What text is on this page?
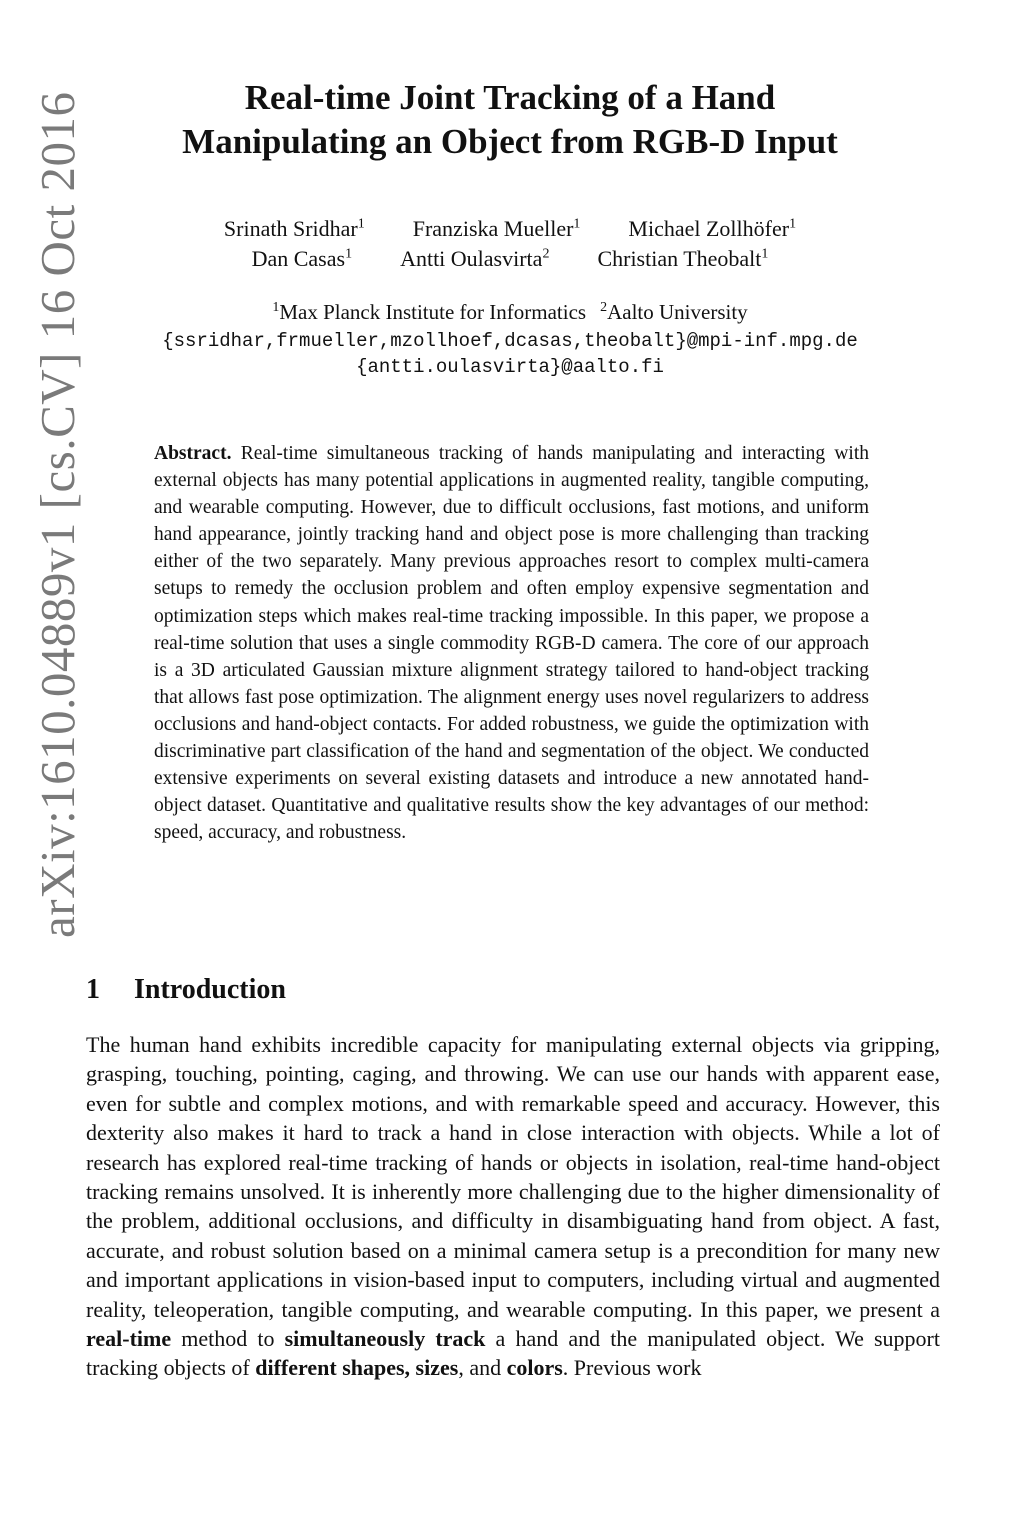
arXiv:1610.04889v1 [cs.CV] 16 Oct 2016	Real-time Joint Tracking of a Hand
Manipulating an Object from RGB-D Input
Srinath Sridhar$^1$ Franziska Mueller$^1$ Michael Zollhöfer$^1$
Dan Casas$^1$ Antti Oulasvirta$^2$ Christian Theobalt$^1$
$^1$Max Planck Institute for Informatics $^2$Aalto University
{ssridhar,frmueller,mzollhoef,dcasas,theobalt}@mpi-inf.mpg.de
{antti.oulasvirta}@aalto.fi

Abstract. Real-time simultaneous tracking of hands manipulating and interacting with external objects has many potential applications in augmented reality, tangible computing, and wearable computing. However, due to difficult occlusions, fast motions, and uniform hand appearance, jointly tracking hand and object pose is more challenging than tracking either of the two separately. Many previous approaches resort to complex multi-camera setups to remedy the occlusion problem and often employ expensive segmentation and optimization steps which makes real-time tracking impossible. In this paper, we propose a real-time solution that uses a single commodity RGB-D camera. The core of our approach is a 3D articulated Gaussian mixture alignment strategy tailored to hand-object tracking that allows fast pose optimization. The alignment energy uses novel regularizers to address occlusions and hand-object contacts. For added robustness, we guide the optimization with discriminative part classification of the hand and segmentation of the object. We conducted extensive experiments on several existing datasets and introduce a new annotated hand-object dataset. Quantitative and qualitative results show the key advantages of our method: speed, accuracy, and robustness.

1 Introduction

The human hand exhibits incredible capacity for manipulating external objects via gripping, grasping, touching, pointing, caging, and throwing. We can use our hands with apparent ease, even for subtle and complex motions, and with remarkable speed and accuracy. However, this dexterity also makes it hard to track a hand in close interaction with objects. While a lot of research has explored real-time tracking of hands or objects in isolation, real-time hand-object tracking remains unsolved. It is inherently more challenging due to the higher dimensionality of the problem, additional occlusions, and difficulty in disambiguating hand from object. A fast, accurate, and robust solution based on a minimal camera setup is a precondition for many new and important applications in vision-based input to computers, including virtual and augmented reality, teleoperation, tangible computing, and wearable computing. In this paper, we present a real-time method to simultaneously track a hand and the manipulated object. We support tracking objects of different shapes, sizes, and colors. Previous work
